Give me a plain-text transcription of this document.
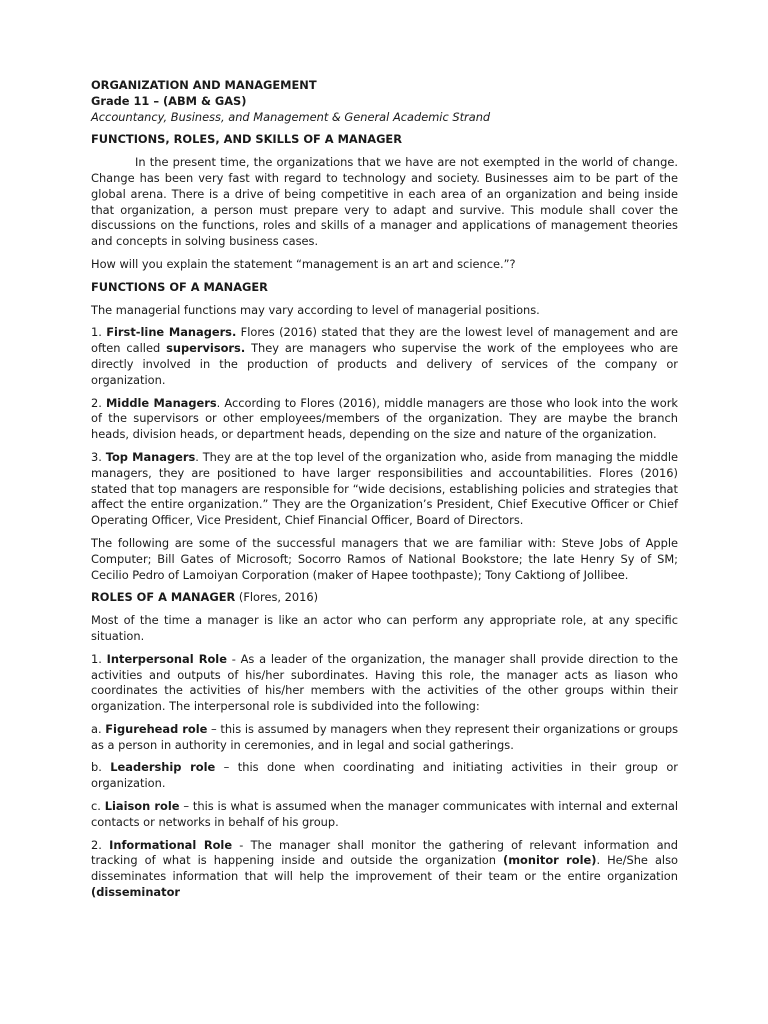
ORGANIZATION AND MANAGEMENT

Grade 11 – (ABM & GAS)

Accountancy, Business, and Management & General Academic Strand

FUNCTIONS, ROLES, AND SKILLS OF A MANAGER

In the present time, the organizations that we have are not exempted in the world of change. Change has been very fast with regard to technology and society. Businesses aim to be part of the global arena. There is a drive of being competitive in each area of an organization and being inside that organization, a person must prepare very to adapt and survive. This module shall cover the discussions on the functions, roles and skills of a manager and applications of management theories and concepts in solving business cases.

How will you explain the statement “management is an art and science.”?

FUNCTIONS OF A MANAGER

The managerial functions may vary according to level of managerial positions.

1. First-line Managers. Flores (2016) stated that they are the lowest level of management and are often called supervisors. They are managers who supervise the work of the employees who are directly involved in the production of products and delivery of services of the company or organization.

2. Middle Managers. According to Flores (2016), middle managers are those who look into the work of the supervisors or other employees/members of the organization. They are maybe the branch heads, division heads, or department heads, depending on the size and nature of the organization.

3. Top Managers. They are at the top level of the organization who, aside from managing the middle managers, they are positioned to have larger responsibilities and accountabilities. Flores (2016) stated that top managers are responsible for “wide decisions, establishing policies and strategies that affect the entire organization.” They are the Organization’s President, Chief Executive Officer or Chief Operating Officer, Vice President, Chief Financial Officer, Board of Directors.

The following are some of the successful managers that we are familiar with: Steve Jobs of Apple Computer; Bill Gates of Microsoft; Socorro Ramos of National Bookstore; the late Henry Sy of SM; Cecilio Pedro of Lamoiyan Corporation (maker of Hapee toothpaste); Tony Caktiong of Jollibee.

ROLES OF A MANAGER (Flores, 2016)

Most of the time a manager is like an actor who can perform any appropriate role, at any specific situation.

1. Interpersonal Role - As a leader of the organization, the manager shall provide direction to the activities and outputs of his/her subordinates. Having this role, the manager acts as liason who coordinates the activities of his/her members with the activities of the other groups within their organization. The interpersonal role is subdivided into the following:

a. Figurehead role – this is assumed by managers when they represent their organizations or groups as a person in authority in ceremonies, and in legal and social gatherings.

b. Leadership role – this done when coordinating and initiating activities in their group or organization.

c. Liaison role – this is what is assumed when the manager communicates with internal and external contacts or networks in behalf of his group.

2. Informational Role - The manager shall monitor the gathering of relevant information and tracking of what is happening inside and outside the organization (monitor role). He/She also disseminates information that will help the improvement of their team or the entire organization (disseminator
